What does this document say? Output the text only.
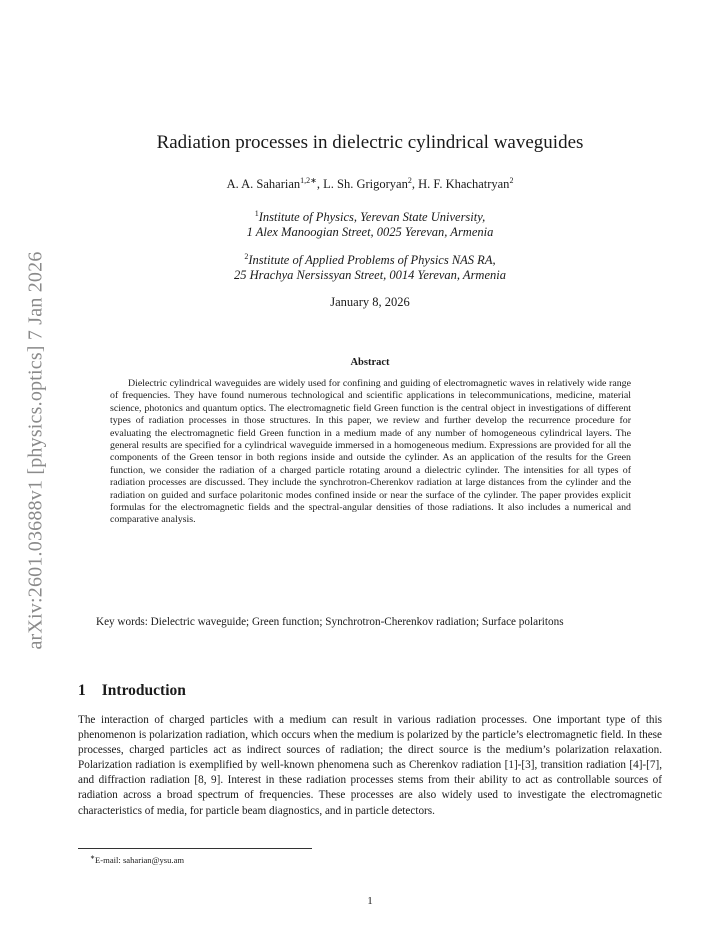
arXiv:2601.03688v1 [physics.optics] 7 Jan 2026
Radiation processes in dielectric cylindrical waveguides
A. A. Saharian$^{1,2∗}$, L. Sh. Grigoryan$^2$, H. F. Khachatryan$^2$
$^1$Institute of Physics, Yerevan State University,
1 Alex Manoogian Street, 0025 Yerevan, Armenia
$^2$Institute of Applied Problems of Physics NAS RA,
25 Hrachya Nersissyan Street, 0014 Yerevan, Armenia
January 8, 2026
Abstract
Dielectric cylindrical waveguides are widely used for confining and guiding of electromagnetic waves in relatively wide range of frequencies. They have found numerous technological and scientific applications in telecommunications, medicine, material science, photonics and quantum optics. The electromagnetic field Green function is the central object in investigations of different types of radiation processes in those structures. In this paper, we review and further develop the recurrence procedure for evaluating the electromagnetic field Green function in a medium made of any number of homogeneous cylindrical layers. The general results are specified for a cylindrical waveguide immersed in a homogeneous medium. Expressions are provided for all the components of the Green tensor in both regions inside and outside the cylinder. As an application of the results for the Green function, we consider the radiation of a charged particle rotating around a dielectric cylinder. The intensities for all types of radiation processes are discussed. They include the synchrotron-Cherenkov radiation at large distances from the cylinder and the radiation on guided and surface polaritonic modes confined inside or near the surface of the cylinder. The paper provides explicit formulas for the electromagnetic fields and the spectral-angular densities of those radiations. It also includes a numerical and comparative analysis.
Key words: Dielectric waveguide; Green function; Synchrotron-Cherenkov radiation; Surface polaritons
1 Introduction
The interaction of charged particles with a medium can result in various radiation processes. One important type of this phenomenon is polarization radiation, which occurs when the medium is polarized by the particle’s electromagnetic field. In these processes, charged particles act as indirect sources of radiation; the direct source is the medium’s polarization relaxation. Polarization radiation is exemplified by well-known phenomena such as Cherenkov radiation [1]-[3], transition radiation [4]-[7], and diffraction radiation [8, 9]. Interest in these radiation processes stems from their ability to act as controllable sources of radiation across a broad spectrum of frequencies. These processes are also widely used to investigate the electromagnetic characteristics of media, for particle beam diagnostics, and in particle detectors.
∗E-mail: saharian@ysu.am
1
